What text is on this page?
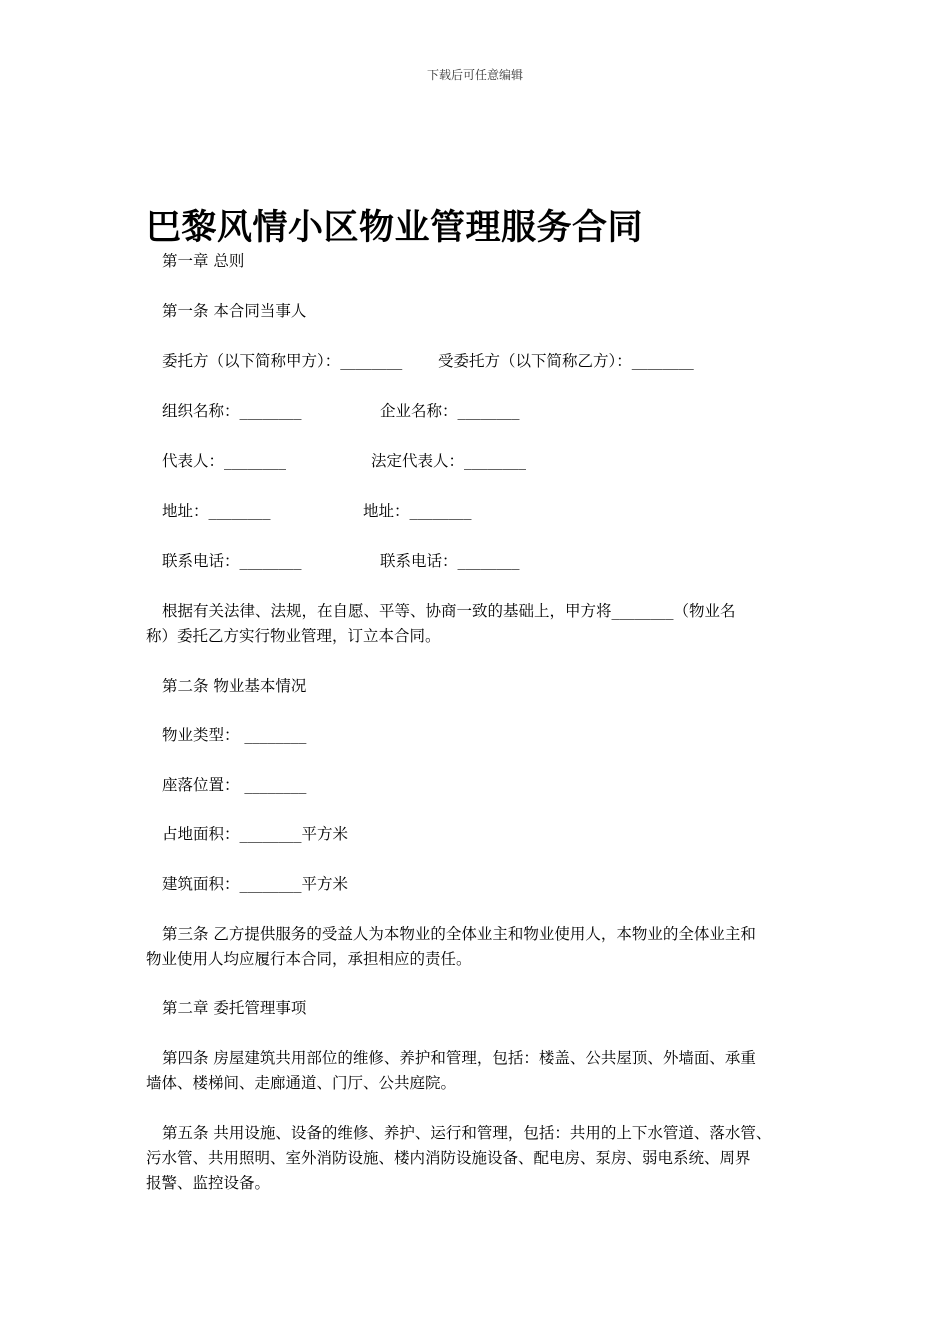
下载后可任意编辑
巴黎风情小区物业管理服务合同
第一章 总则
第一条 本合同当事人
委托方（以下简称甲方）：________ 受委托方（以下简称乙方）：________
组织名称：________	企业名称：________
代表人：________	法定代表人：________
地址：________	地址：________
联系电话：________	联系电话：________
根据有关法律、法规，在自愿、平等、协商一致的基础上，甲方将________（物业名
称）委托乙方实行物业管理，订立本合同。
第二条 物业基本情况
物业类型： ________
座落位置： ________
占地面积：________平方米
建筑面积：________平方米
第三条 乙方提供服务的受益人为本物业的全体业主和物业使用人，本物业的全体业主和
物业使用人均应履行本合同，承担相应的责任。
第二章 委托管理事项
第四条 房屋建筑共用部位的维修、养护和管理，包括：楼盖、公共屋顶、外墙面、承重
墙体、楼梯间、走廊通道、门厅、公共庭院。
第五条 共用设施、设备的维修、养护、运行和管理，包括：共用的上下水管道、落水管、
污水管、共用照明、室外消防设施、楼内消防设施设备、配电房、泵房、弱电系统、周界
报警、监控设备。
